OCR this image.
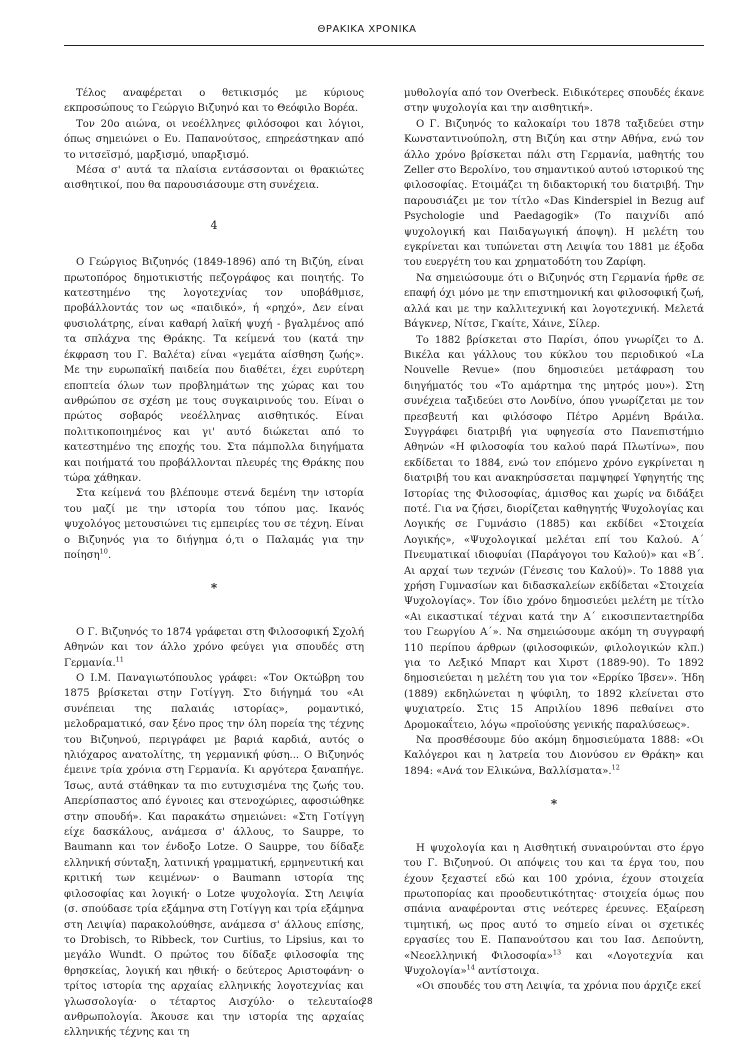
ΘΡΑΚΙΚΑ ΧΡΟΝΙΚΑ

Τέλος αναφέρεται ο θετικισμός με κύριους εκπροσώπους το Γεώργιο Βιζυηνό και το Θεόφιλο Βορέα.

Τον 20ο αιώνα, οι νεοέλληνες φιλόσοφοι και λόγιοι, όπως σημειώνει ο Ευ. Παπανούτσος, επηρεάστηκαν από το νιτσεϊσμό, μαρξισμό, υπαρξισμό.

Μέσα σ' αυτά τα πλαίσια εντάσσονται οι θρακιώτες αισθητικοί, που θα παρουσιάσουμε στη συνέχεια.

4

Ο Γεώργιος Βιζυηνός (1849-1896) από τη Βιζύη, είναι πρωτοπόρος δημοτικιστής πεζογράφος και ποιητής. Το κατεστημένο της λογοτεχνίας τον υποβάθμισε, προβάλλοντάς τον ως «παιδικό», ή «ρηχό», Δεν είναι φυσιολάτρης, είναι καθαρή λαϊκή ψυχή - βγαλμένος από τα σπλάχνα της Θράκης. Τα κείμενά του (κατά την έκφραση του Γ. Βαλέτα) είναι «γεμάτα αίσθηση ζωής». Με την ευρωπαϊκή παιδεία που διαθέτει, έχει ευρύτερη εποπτεία όλων των προβλημάτων της χώρας και του ανθρώπου σε σχέση με τους συγκαιρινούς του. Είναι ο πρώτος σοβαρός νεοέλληνας αισθητικός. Είναι πολιτικοποιημένος και γι' αυτό διώκεται από το κατεστημένο της εποχής του. Στα πάμπολλα διηγήματα και ποιήματά του προβάλλονται πλευρές της Θράκης που τώρα χάθηκαν.

Στα κείμενά του βλέπουμε στενά δεμένη την ιστορία του μαζί με την ιστορία του τόπου μας. Ικανός ψυχολόγος μετουσιώνει τις εμπειρίες του σε τέχνη. Είναι ο Βιζυηνός για το διήγημα ό,τι ο Παλαμάς για την ποίηση$^{10}$.

*

Ο Γ. Βιζυηνός το 1874 γράφεται στη Φιλοσοφική Σχολή Αθηνών και τον άλλο χρόνο φεύγει για σπουδές στη Γερμανία.$^{11}$

Ο Ι.Μ. Παναγιωτόπουλος γράφει: «Τον Οκτώβρη του 1875 βρίσκεται στην Γοτίγγη. Στο διήγημά του «Αι συνέπειαι της παλαιάς ιστορίας», ρομαντικό, μελοδραματικό, σαν ξένο προς την όλη πορεία της τέχνης του Βιζυηνού, περιγράφει με βαριά καρδιά, αυτός ο ηλιόχαρος ανατολίτης, τη γερμανική φύση... Ο Βιζυηνός έμεινε τρία χρόνια στη Γερμανία. Κι αργότερα ξαναπήγε. Ίσως, αυτά στάθηκαν τα πιο ευτυχισμένα της ζωής του. Απερίσπαστος από έγνοιες και στενοχώριες, αφοσιώθηκε στην σπουδή». Και παρακάτω σημειώνει: «Στη Γοτίγγη είχε δασκάλους, ανάμεσα σ' άλλους, το Sauppe, το Baumann και τον ένδοξο Lotze. Ο Sauppe, του δίδαξε ελληνική σύνταξη, λατινική γραμματική, ερμηνευτική και κριτική των κειμένων· ο Baumann ιστορία της φιλοσοφίας και λογική· ο Lotze ψυχολογία. Στη Λειψία (σ. σπούδασε τρία εξάμηνα στη Γοτίγγη και τρία εξάμηνα στη Λειψία) παρακολούθησε, ανάμεσα σ' άλλους επίσης, το Drobisch, το Ribbeck, τον Curtius, το Lipsius, και το μεγάλο Wundt. Ο πρώτος του δίδαξε φιλοσοφία της θρησκείας, λογική και ηθική· ο δεύτερος Αριστοφάνη· ο τρίτος ιστορία της αρχαίας ελληνικής λογοτεχνίας και γλωσσολογία· ο τέταρτος Αισχύλο· ο τελευταίος ανθρωπολογία. Άκουσε και την ιστορία της αρχαίας ελληνικής τέχνης και τη

μυθολογία από τον Overbeck. Ειδικότερες σπουδές έκανε στην ψυχολογία και την αισθητική».

Ο Γ. Βιζυηνός το καλοκαίρι του 1878 ταξιδεύει στην Κωνσταντινούπολη, στη Βιζύη και στην Αθήνα, ενώ τον άλλο χρόνο βρίσκεται πάλι στη Γερμανία, μαθητής του Zeller στο Βερολίνο, του σημαντικού αυτού ιστορικού της φιλοσοφίας. Ετοιμάζει τη διδακτορική του διατριβή. Την παρουσιάζει με τον τίτλο «Das Kinderspiel in Bezug auf Psychologie und Paedagogik» (Το παιχνίδι από ψυχολογική και Παιδαγωγική άποψη). Η μελέτη του εγκρίνεται και τυπώνεται στη Λειψία του 1881 με έξοδα του ευεργέτη του και χρηματοδότη του Ζαρίφη.

Να σημειώσουμε ότι ο Βιζυηνός στη Γερμανία ήρθε σε επαφή όχι μόνο με την επιστημονική και φιλοσοφική ζωή, αλλά και με την καλλιτεχνική και λογοτεχνική. Μελετά Βάγκνερ, Νίτσε, Γκαίτε, Χάινε, Σίλερ.

Το 1882 βρίσκεται στο Παρίσι, όπου γνωρίζει το Δ. Βικέλα και γάλλους του κύκλου του περιοδικού «La Nouvelle Revue» (που δημοσιεύει μετάφραση του διηγήματός του «Το αμάρτημα της μητρός μου»). Στη συνέχεια ταξιδεύει στο Λονδίνο, όπου γνωρίζεται με τον πρεσβευτή και φιλόσοφο Πέτρο Αρμένη Βράιλα. Συγγράφει διατριβή για υφηγεσία στο Πανεπιστήμιο Αθηνών «Η φιλοσοφία του καλού παρά Πλωτίνω», που εκδίδεται το 1884, ενώ τον επόμενο χρόνο εγκρίνεται η διατριβή του και ανακηρύσσεται παμψηφεί Υφηγητής της Ιστορίας της Φιλοσοφίας, άμισθος και χωρίς να διδάξει ποτέ. Για να ζήσει, διορίζεται καθηγητής Ψυχολογίας και Λογικής σε Γυμνάσιο (1885) και εκδίδει «Στοιχεία Λογικής», «Ψυχολογικαί μελέται επί του Καλού. Α΄ Πνευματικαί ιδιοφυίαι (Παράγογοι του Καλού)» και «Β΄. Αι αρχαί των τεχνών (Γένεσις του Καλού)». Το 1888 για χρήση Γυμνασίων και διδασκαλείων εκδίδεται «Στοιχεία Ψυχολογίας». Τον ίδιο χρόνο δημοσιεύει μελέτη με τίτλο «Αι εικαστικαί τέχναι κατά την Α΄ εικοσιπενταετηρίδα του Γεωργίου Α΄». Να σημειώσουμε ακόμη τη συγγραφή 110 περίπου άρθρων (φιλοσοφικών, φιλολογικών κλπ.) για το Λεξικό Μπαρτ και Χιρστ (1889-90). Το 1892 δημοσιεύεται η μελέτη του για τον «Ερρίκο Ίβσεν». Ήδη (1889) εκδηλώνεται η ψύφιλη, το 1892 κλείνεται στο ψυχιατρείο. Στις 15 Απριλίου 1896 πεθαίνει στο Δρομοκαΐτειο, λόγω «προϊούσης γενικής παραλύσεως».

Να προσθέσουμε δύο ακόμη δημοσιεύματα 1888: «Οι Καλόγεροι και η λατρεία του Διονύσου εν Θράκη» και 1894: «Ανά τον Ελικώνα, Βαλλίσματα».$^{12}$

*

Η ψυχολογία και η Αισθητική συναιρούνται στο έργο του Γ. Βιζυηνού. Οι απόψεις του και τα έργα του, που έχουν ξεχαστεί εδώ και 100 χρόνια, έχουν στοιχεία πρωτοπορίας και προοδευτικότητας· στοιχεία όμως που σπάνια αναφέρονται στις νεότερες έρευνες. Εξαίρεση τιμητική, ως προς αυτό το σημείο είναι οι σχετικές εργασίες του Ε. Παπανούτσου και του Ιασ. Δεπούντη, «Νεοελληνική Φιλοσοφία»$^{13}$ και «Λογοτεχνία και Ψυχολογία»$^{14}$ αντίστοιχα.

«Οι σπουδές του στη Λειψία, τα χρόνια που άρχιζε εκεί

28
